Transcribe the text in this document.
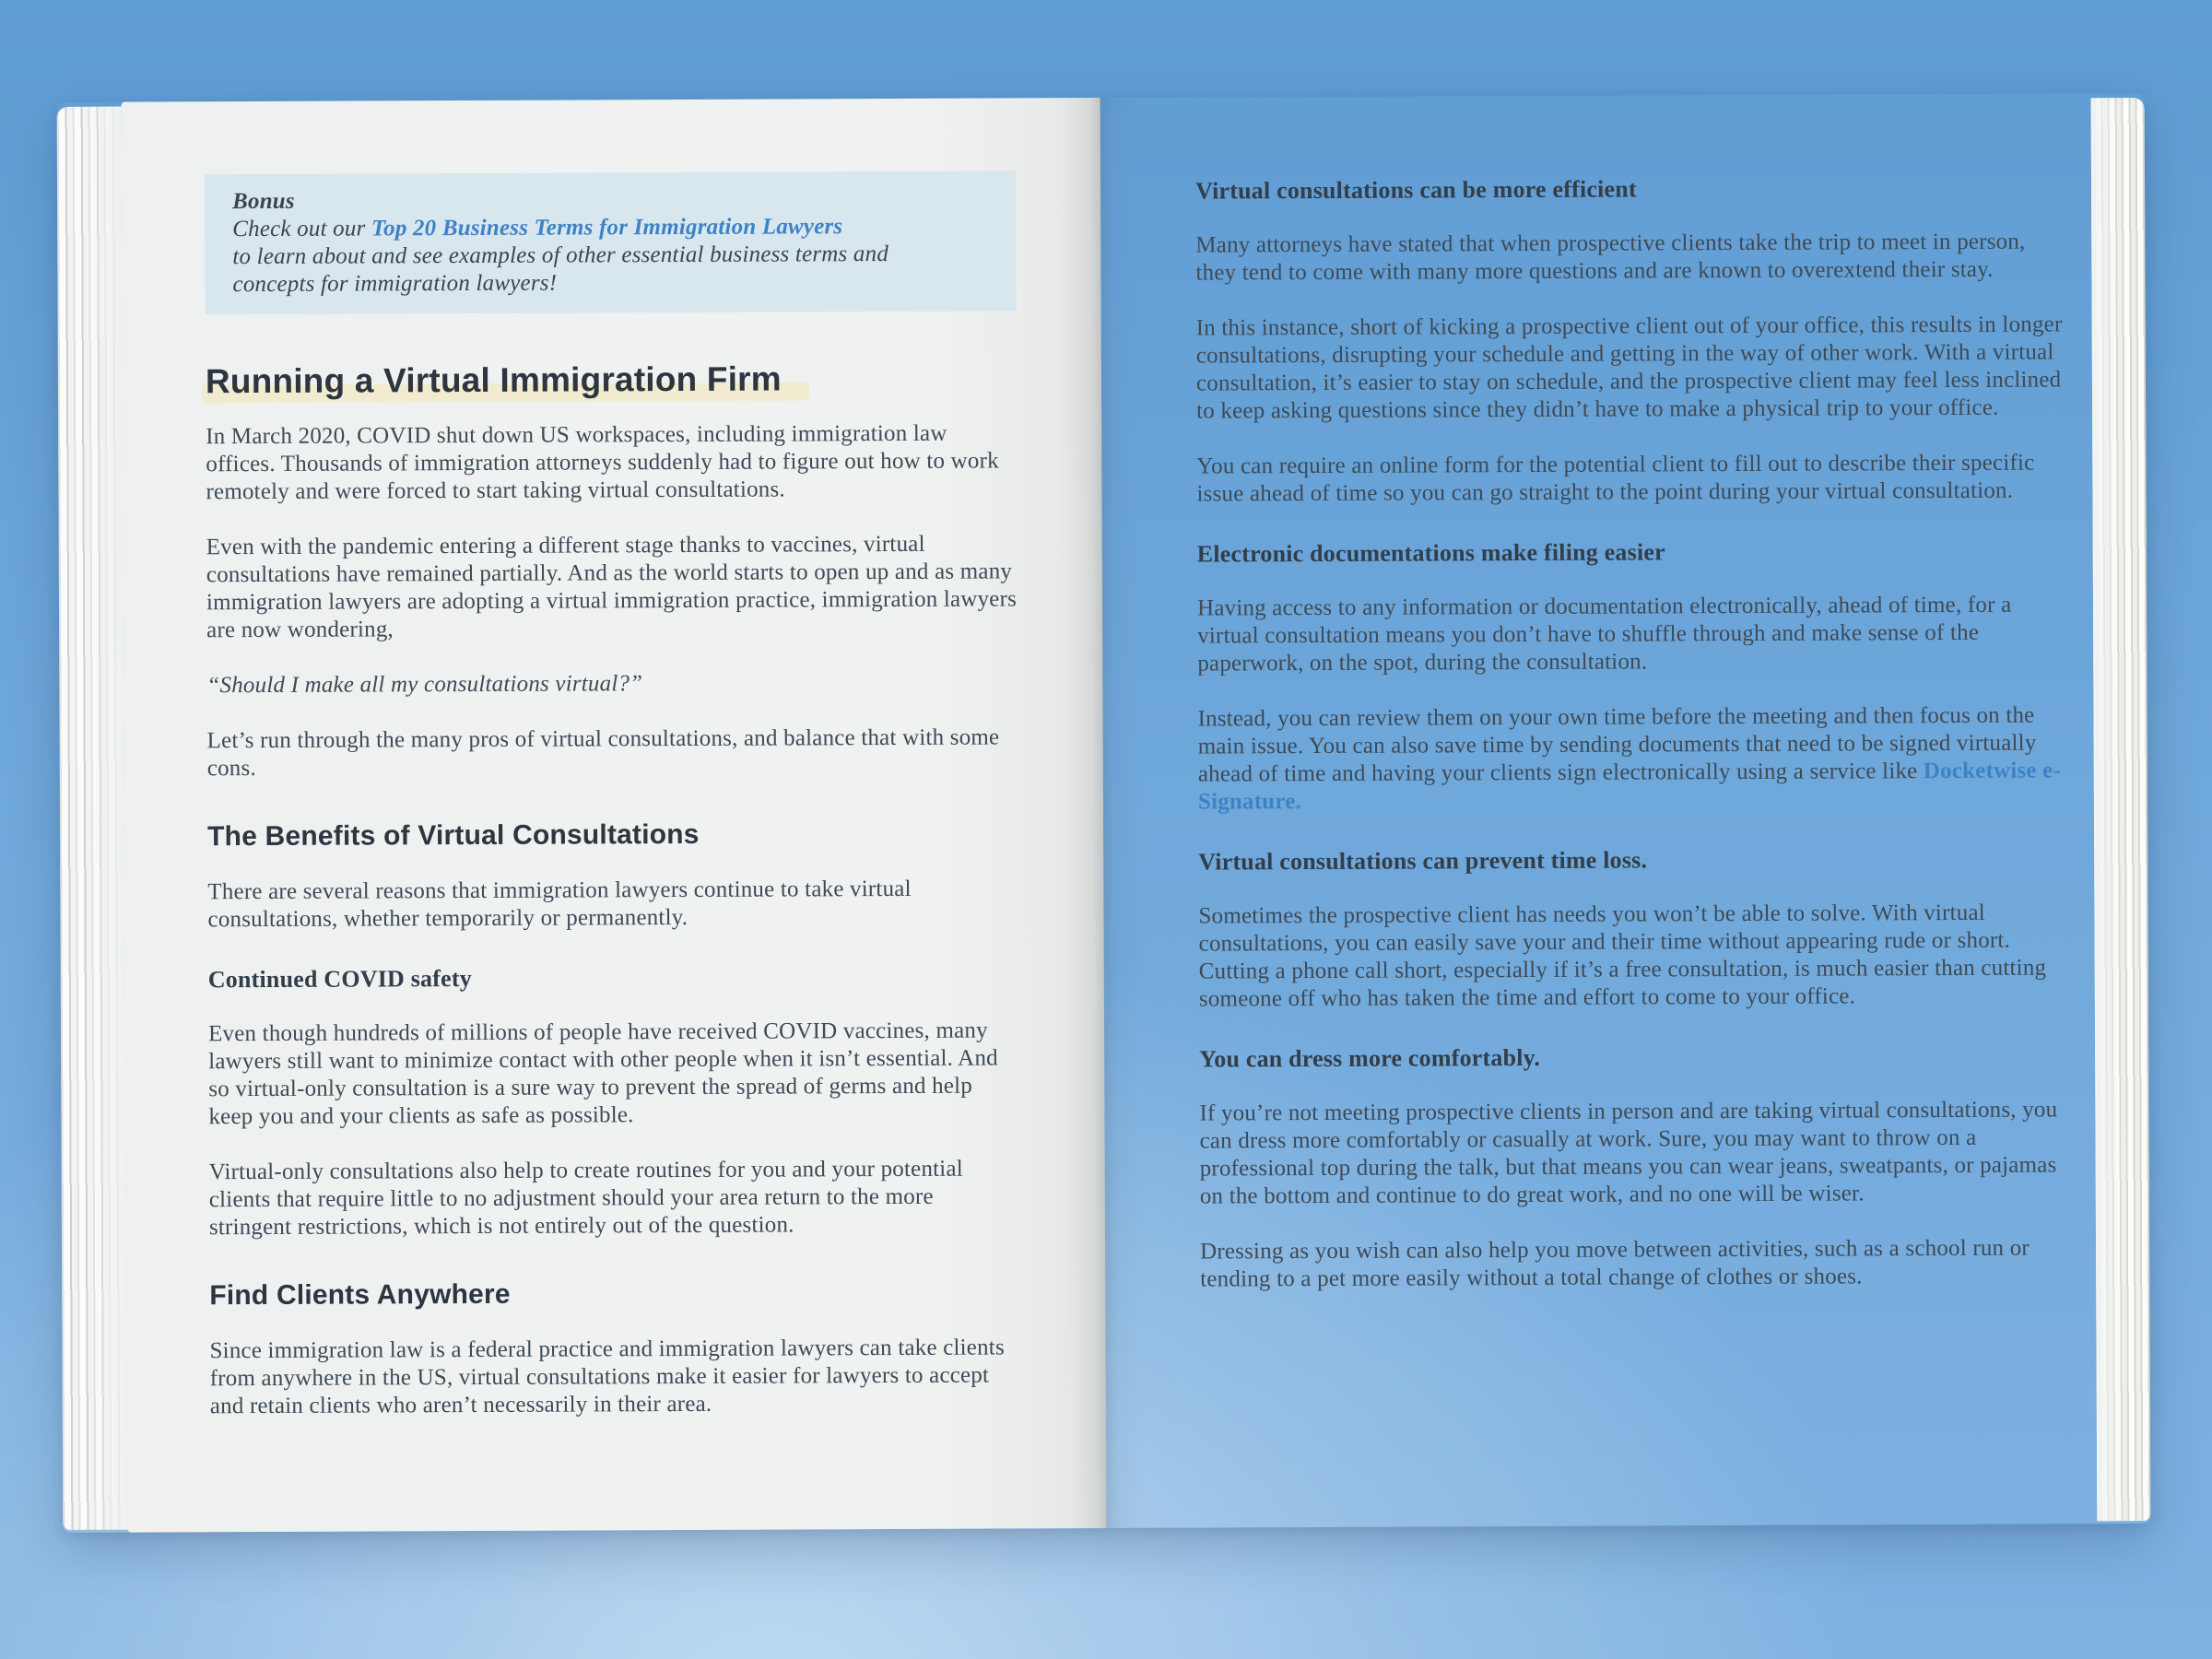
Bonus
Check out our Top 20 Business Terms for Immigration Lawyers
to learn about and see examples of other essential business terms and
concepts for immigration lawyers!
Running a Virtual Immigration Firm

In March 2020, COVID shut down US workspaces, including immigration law offices. Thousands of immigration attorneys suddenly had to figure out how to work remotely and were forced to start taking virtual consultations.

Even with the pandemic entering a different stage thanks to vaccines, virtual consultations have remained partially. And as the world starts to open up and as many immigration lawyers are adopting a virtual immigration practice, immigration lawyers are now wondering,

“Should I make all my consultations virtual?”

Let’s run through the many pros of virtual consultations, and balance that with some cons.

The Benefits of Virtual Consultations

There are several reasons that immigration lawyers continue to take virtual consultations, whether temporarily or permanently.

Continued COVID safety

Even though hundreds of millions of people have received COVID vaccines, many lawyers still want to minimize contact with other people when it isn’t essential. And so virtual-only consultation is a sure way to prevent the spread of germs and help keep you and your clients as safe as possible.

Virtual-only consultations also help to create routines for you and your potential clients that require little to no adjustment should your area return to the more stringent restrictions, which is not entirely out of the question.

Find Clients Anywhere

Since immigration law is a federal practice and immigration lawyers can take clients from anywhere in the US, virtual consultations make it easier for lawyers to accept and retain clients who aren’t necessarily in their area.

Virtual consultations can be more efficient

Many attorneys have stated that when prospective clients take the trip to meet in person, they tend to come with many more questions and are known to overextend their stay.

In this instance, short of kicking a prospective client out of your office, this results in longer consultations, disrupting your schedule and getting in the way of other work. With a virtual consultation, it’s easier to stay on schedule, and the prospective client may feel less inclined to keep asking questions since they didn’t have to make a physical trip to your office.

You can require an online form for the potential client to fill out to describe their specific issue ahead of time so you can go straight to the point during your virtual consultation.

Electronic documentations make filing easier

Having access to any information or documentation electronically, ahead of time, for a virtual consultation means you don’t have to shuffle through and make sense of the paperwork, on the spot, during the consultation.

Instead, you can review them on your own time before the meeting and then focus on the main issue. You can also save time by sending documents that need to be signed virtually ahead of time and having your clients sign electronically using a service like Docketwise e-Signature.

Virtual consultations can prevent time loss.

Sometimes the prospective client has needs you won’t be able to solve. With virtual consultations, you can easily save your and their time without appearing rude or short. Cutting a phone call short, especially if it’s a free consultation, is much easier than cutting someone off who has taken the time and effort to come to your office.

You can dress more comfortably.

If you’re not meeting prospective clients in person and are taking virtual consultations, you can dress more comfortably or casually at work. Sure, you may want to throw on a professional top during the talk, but that means you can wear jeans, sweatpants, or pajamas on the bottom and continue to do great work, and no one will be wiser.

Dressing as you wish can also help you move between activities, such as a school run or tending to a pet more easily without a total change of clothes or shoes.
